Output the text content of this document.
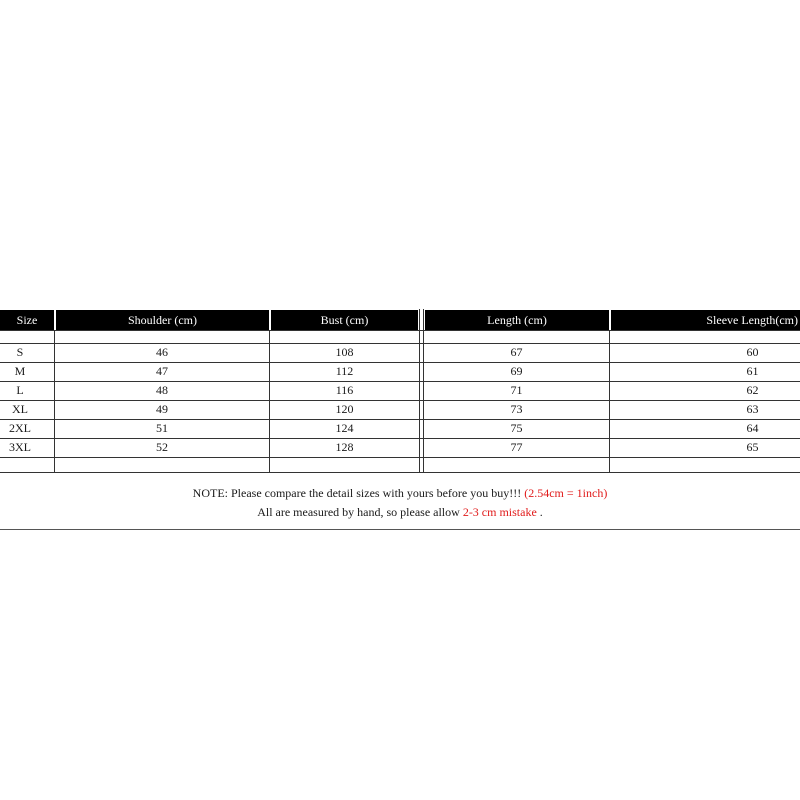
Size	Shoulder (cm)	Bust (cm)	Length (cm)	Sleeve Length(cm)
S	46	108	67	60
M	47	112	69	61
L	48	116	71	62
XL	49	120	73	63
2XL	51	124	75	64
3XL	52	128	77	65
NOTE: Please compare the detail sizes with yours before you buy!!! (2.54cm = 1inch)
All are measured by hand, so please allow 2-3 cm mistake .
